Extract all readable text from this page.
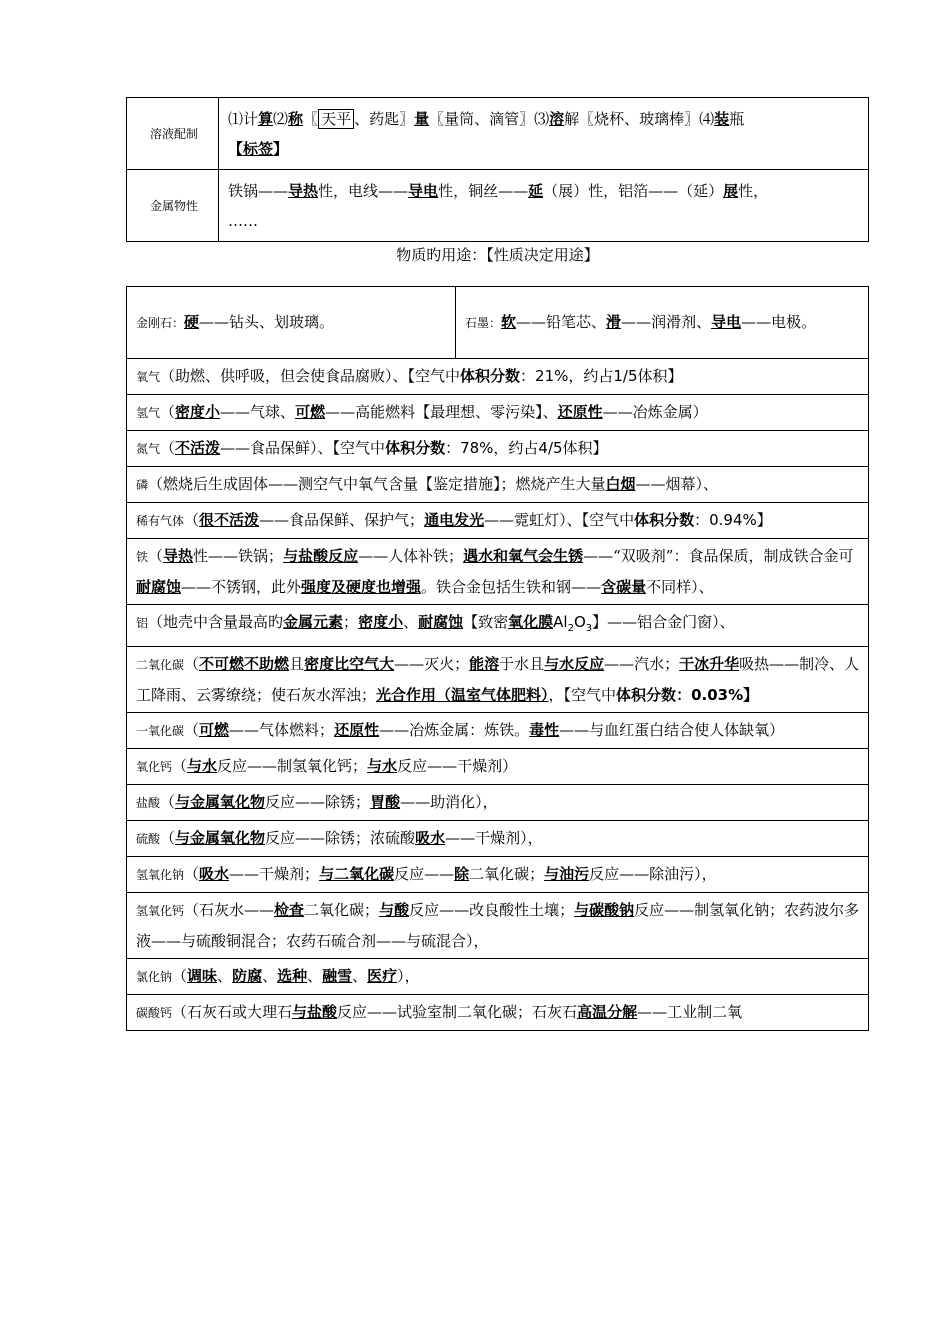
溶液配制	⑴计算⑵称〖 天平 、药匙〗量〖量筒、滴管〗⑶溶解〖烧杯、玻璃棒〗⑷装瓶
【标签】
金属物性	铁锅——导热性，电线——导电性，铜丝——延（展）性，铝箔——（延）展性，
……
物质旳用途：【性质决定用途】
金刚石：硬——钻头、划玻璃。	石墨：软——铅笔芯、滑——润滑剂、导电——电极。
氧气（助燃、供呼吸，但会使食品腐败）、【空气中体积分数：21%，约占1/5体积】
氢气（密度小——气球、可燃——高能燃料【最理想、零污染】、还原性——冶炼金属）
氮气（不活泼——食品保鲜）、【空气中体积分数：78%，约占4/5体积】
磷（燃烧后生成固体——测空气中氧气含量【鉴定措施】；燃烧产生大量白烟——烟幕）、
稀有气体（很不活泼——食品保鲜、保护气；通电发光——霓虹灯）、【空气中体积分数：0.94%】
铁（导热性——铁锅；与盐酸反应——人体补铁；遇水和氧气会生锈——“双吸剂”：食品保质，制成铁合金可耐腐蚀——不锈钢，此外强度及硬度也增强。铁合金包括生铁和钢——含碳量不同样）、
铝（地壳中含量最高旳金属元素；密度小、耐腐蚀【致密氧化膜$Al_2O_3$】——铝合金门窗）、
二氧化碳（不可燃不助燃且密度比空气大——灭火；能溶于水且与水反应——汽水；干冰升华吸热——制冷、人工降雨、云雾缭绕；使石灰水浑浊；光合作用（温室气体肥料），【空气中体积分数：0.03%】
一氧化碳（可燃——气体燃料；还原性——冶炼金属：炼铁。毒性——与血红蛋白结合使人体缺氧）
氧化钙（与水反应——制氢氧化钙；与水反应——干燥剂）
盐酸（与金属氧化物反应——除锈；胃酸——助消化），
硫酸（与金属氧化物反应——除锈；浓硫酸吸水——干燥剂），
氢氧化钠（吸水——干燥剂；与二氧化碳反应——除二氧化碳；与油污反应——除油污），
氢氧化钙（石灰水——检查二氧化碳；与酸反应——改良酸性土壤；与碳酸钠反应——制氢氧化钠；农药波尔多液——与硫酸铜混合；农药石硫合剂——与硫混合），
氯化钠（调味、防腐、选种、融雪、医疗），
碳酸钙（石灰石或大理石与盐酸反应——试验室制二氧化碳；石灰石高温分解——工业制二氧
